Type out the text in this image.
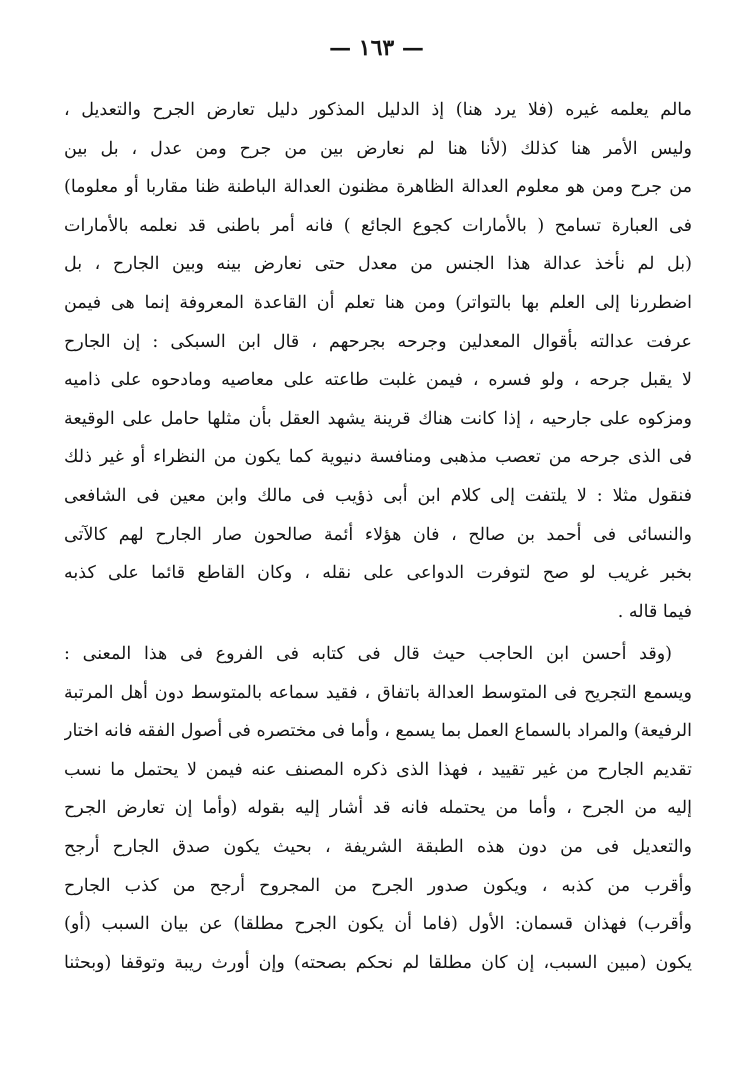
— ١٦٣ —
مالم يعلمه غيره (فلا يرد هنا) إذ الدليل المذكور دليل تعارض الجرح والتعديل ،
وليس الأمر هنا كذلك (لأنا هنا لم نعارض بين من جرح ومن عدل ، بل بين
من جرح ومن هو معلوم العدالة الظاهرة مظنون العدالة الباطنة ظنا مقاربا أو معلوما)
فى العبارة تسامح ( بالأمارات كجوع الجائع ) فانه أمر باطنى قد نعلمه بالأمارات
(بل لم نأخذ عدالة هذا الجنس من معدل حتى نعارض بينه وبين الجارح ، بل
اضطررنا إلى العلم بها بالتواتر) ومن هنا تعلم أن القاعدة المعروفة إنما هى فيمن
عرفت عدالته بأقوال المعدلين وجرحه بجرحهم ، قال ابن السبكى : إن الجارح
لا يقبل جرحه ، ولو فسره ، فيمن غلبت طاعته على معاصيه ومادحوه على ذاميه
ومزكوه على جارحيه ، إذا كانت هناك قرينة يشهد العقل بأن مثلها حامل على الوقيعة
فى الذى جرحه من تعصب مذهبى ومنافسة دنيوية كما يكون من النظراء أو غير ذلك
فنقول مثلا : لا يلتفت إلى كلام ابن أبى ذؤيب فى مالك وابن معين فى الشافعى
والنسائى فى أحمد بن صالح ، فان هؤلاء أئمة صالحون صار الجارح لهم كالآتى
بخبر غريب لو صح لتوفرت الدواعى على نقله ، وكان القاطع قائما على كذبه
فيما قاله .
(وقد أحسن ابن الحاجب حيث قال فى كتابه فى الفروع فى هذا المعنى :
ويسمع التجريح فى المتوسط العدالة باتفاق ، فقيد سماعه بالمتوسط دون أهل المرتبة
الرفيعة) والمراد بالسماع العمل بما يسمع ، وأما فى مختصره فى أصول الفقه فانه اختار
تقديم الجارح من غير تقييد ، فهذا الذى ذكره المصنف عنه فيمن لا يحتمل ما نسب
إليه من الجرح ، وأما من يحتمله فانه قد أشار إليه بقوله (وأما إن تعارض الجرح
والتعديل فى من دون هذه الطبقة الشريفة ، بحيث يكون صدق الجارح أرجح
وأقرب من كذبه ، ويكون صدور الجرح من المجروح أرجح من كذب الجارح
وأقرب) فهذان قسمان: الأول (فاما أن يكون الجرح مطلقا) عن بيان السبب (أو)
يكون (مبين السبب، إن كان مطلقا لم نحكم بصحته) وإن أورث ريبة وتوقفا (وبحثنا
